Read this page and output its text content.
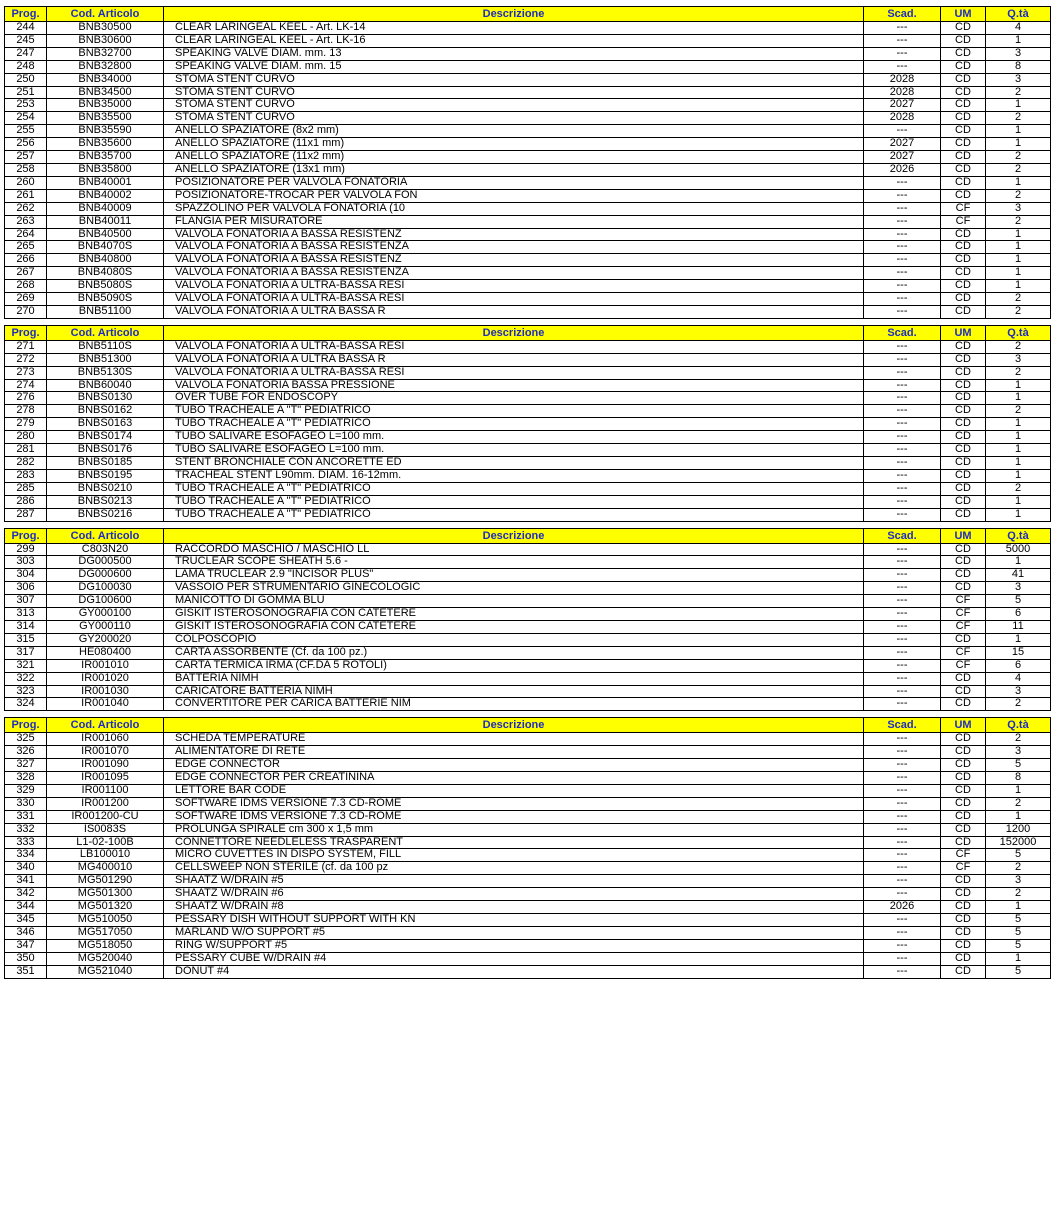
Prog.	Cod. Articolo	Descrizione	Scad.	UM	Q.tà
244	BNB30500	CLEAR LARINGEAL KEEL - Art. LK-14	---	CD	4
245	BNB30600	CLEAR LARINGEAL KEEL - Art. LK-16	---	CD	1
247	BNB32700	SPEAKING VALVE DIAM. mm. 13	---	CD	3
248	BNB32800	SPEAKING VALVE DIAM. mm. 15	---	CD	8
250	BNB34000	STOMA STENT CURVO	2028	CD	3
251	BNB34500	STOMA STENT CURVO	2028	CD	2
253	BNB35000	STOMA STENT CURVO	2027	CD	1
254	BNB35500	STOMA STENT CURVO	2028	CD	2
255	BNB35590	ANELLO SPAZIATORE (8x2 mm)	---	CD	1
256	BNB35600	ANELLO SPAZIATORE (11x1 mm)	2027	CD	1
257	BNB35700	ANELLO SPAZIATORE (11x2 mm)	2027	CD	2
258	BNB35800	ANELLO SPAZIATORE (13x1 mm)	2026	CD	2
260	BNB40001	POSIZIONATORE PER VALVOLA FONATORIA	---	CD	1
261	BNB40002	POSIZIONATORE-TROCAR PER VALVOLA FON	---	CD	2
262	BNB40009	SPAZZOLINO PER VALVOLA FONATORIA (10	---	CF	3
263	BNB40011	FLANGIA PER MISURATORE	---	CF	2
264	BNB40500	VALVOLA FONATORIA A BASSA RESISTENZ	---	CD	1
265	BNB4070S	VALVOLA FONATORIA A BASSA RESISTENZA	---	CD	1
266	BNB40800	VALVOLA FONATORIA A BASSA RESISTENZ	---	CD	1
267	BNB4080S	VALVOLA FONATORIA A BASSA RESISTENZA	---	CD	1
268	BNB5080S	VALVOLA FONATORIA A ULTRA-BASSA RESI	---	CD	1
269	BNB5090S	VALVOLA FONATORIA A ULTRA-BASSA RESI	---	CD	2
270	BNB51100	VALVOLA FONATORIA A ULTRA BASSA R	---	CD	2
Prog.	Cod. Articolo	Descrizione	Scad.	UM	Q.tà
271	BNB5110S	VALVOLA FONATORIA A ULTRA-BASSA RESI	---	CD	2
272	BNB51300	VALVOLA FONATORIA A ULTRA BASSA R	---	CD	3
273	BNB5130S	VALVOLA FONATORIA A ULTRA-BASSA RESI	---	CD	2
274	BNB60040	VALVOLA FONATORIA BASSA PRESSIONE	---	CD	1
276	BNBS0130	OVER TUBE FOR ENDOSCOPY	---	CD	1
278	BNBS0162	TUBO TRACHEALE A "T" PEDIATRICO	---	CD	2
279	BNBS0163	TUBO TRACHEALE A "T" PEDIATRICO	---	CD	1
280	BNBS0174	TUBO SALIVARE ESOFAGEO L=100 mm.	---	CD	1
281	BNBS0176	TUBO SALIVARE ESOFAGEO L=100 mm.	---	CD	1
282	BNBS0185	STENT BRONCHIALE CON ANCORETTE ED	---	CD	1
283	BNBS0195	TRACHEAL STENT L90mm. DIAM. 16-12mm.	---	CD	1
285	BNBS0210	TUBO TRACHEALE A "T" PEDIATRICO	---	CD	2
286	BNBS0213	TUBO TRACHEALE A "T" PEDIATRICO	---	CD	1
287	BNBS0216	TUBO TRACHEALE A "T" PEDIATRICO	---	CD	1
Prog.	Cod. Articolo	Descrizione	Scad.	UM	Q.tà
299	C803N20	RACCORDO MASCHIO / MASCHIO LL	---	CD	5000
303	DG000500	TRUCLEAR SCOPE SHEATH 5.6 -	---	CD	1
304	DG000600	LAMA TRUCLEAR 2.9 "INCISOR PLUS"	---	CD	41
306	DG100030	VASSOIO PER STRUMENTARIO GINECOLOGIC	---	CD	3
307	DG100600	MANICOTTO DI GOMMA BLU	---	CF	5
313	GY000100	GISKIT ISTEROSONOGRAFIA CON CATETERE	---	CF	6
314	GY000110	GISKIT ISTEROSONOGRAFIA CON CATETERE	---	CF	11
315	GY200020	COLPOSCOPIO	---	CD	1
317	HE080400	CARTA ASSORBENTE (Cf. da 100 pz.)	---	CF	15
321	IR001010	CARTA TERMICA IRMA (CF.DA 5 ROTOLI)	---	CF	6
322	IR001020	BATTERIA NIMH	---	CD	4
323	IR001030	CARICATORE BATTERIA NIMH	---	CD	3
324	IR001040	CONVERTITORE PER CARICA BATTERIE NIM	---	CD	2
Prog.	Cod. Articolo	Descrizione	Scad.	UM	Q.tà
325	IR001060	SCHEDA TEMPERATURE	---	CD	2
326	IR001070	ALIMENTATORE DI RETE	---	CD	3
327	IR001090	EDGE CONNECTOR	---	CD	5
328	IR001095	EDGE CONNECTOR PER CREATININA	---	CD	8
329	IR001100	LETTORE BAR CODE	---	CD	1
330	IR001200	SOFTWARE IDMS VERSIONE 7.3 CD-ROME	---	CD	2
331	IR001200-CU	SOFTWARE IDMS VERSIONE 7.3 CD-ROME	---	CD	1
332	IS0083S	PROLUNGA SPIRALE cm 300 x 1,5 mm	---	CD	1200
333	L1-02-100B	CONNETTORE NEEDLELESS TRASPARENT	---	CD	152000
334	LB100010	MICRO CUVETTES IN DISPO SYSTEM, FILL	---	CF	5
340	MG400010	CELLSWEEP NON STERILE (cf. da 100 pz	---	CF	2
341	MG501290	SHAATZ W/DRAIN #5	---	CD	3
342	MG501300	SHAATZ W/DRAIN #6	---	CD	2
344	MG501320	SHAATZ W/DRAIN #8	2026	CD	1
345	MG510050	PESSARY DISH WITHOUT SUPPORT WITH KN	---	CD	5
346	MG517050	MARLAND W/O SUPPORT #5	---	CD	5
347	MG518050	RING W/SUPPORT #5	---	CD	5
350	MG520040	PESSARY CUBE W/DRAIN #4	---	CD	1
351	MG521040	DONUT #4	---	CD	5
